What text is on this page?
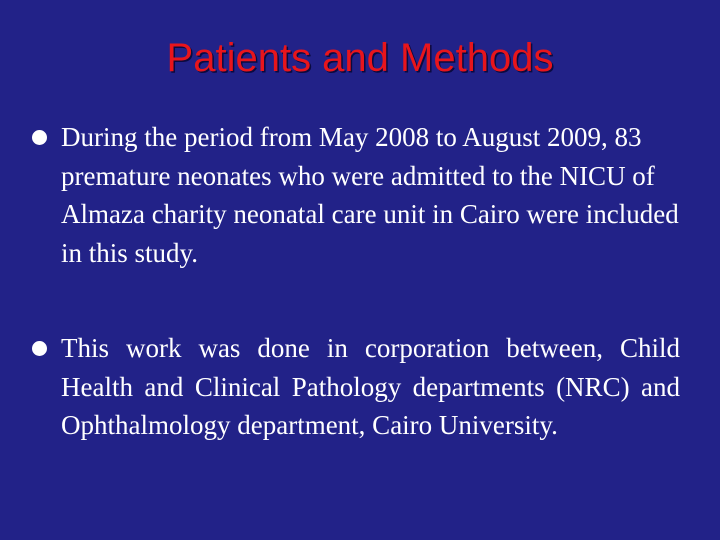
Patients and Methods
During the period from May 2008 to August 2009, 83 premature neonates who were admitted to the NICU of Almaza charity neonatal care unit in Cairo were included in this study.
This work was done in corporation between, Child Health and Clinical Pathology departments (NRC) and Ophthalmology department, Cairo University.
